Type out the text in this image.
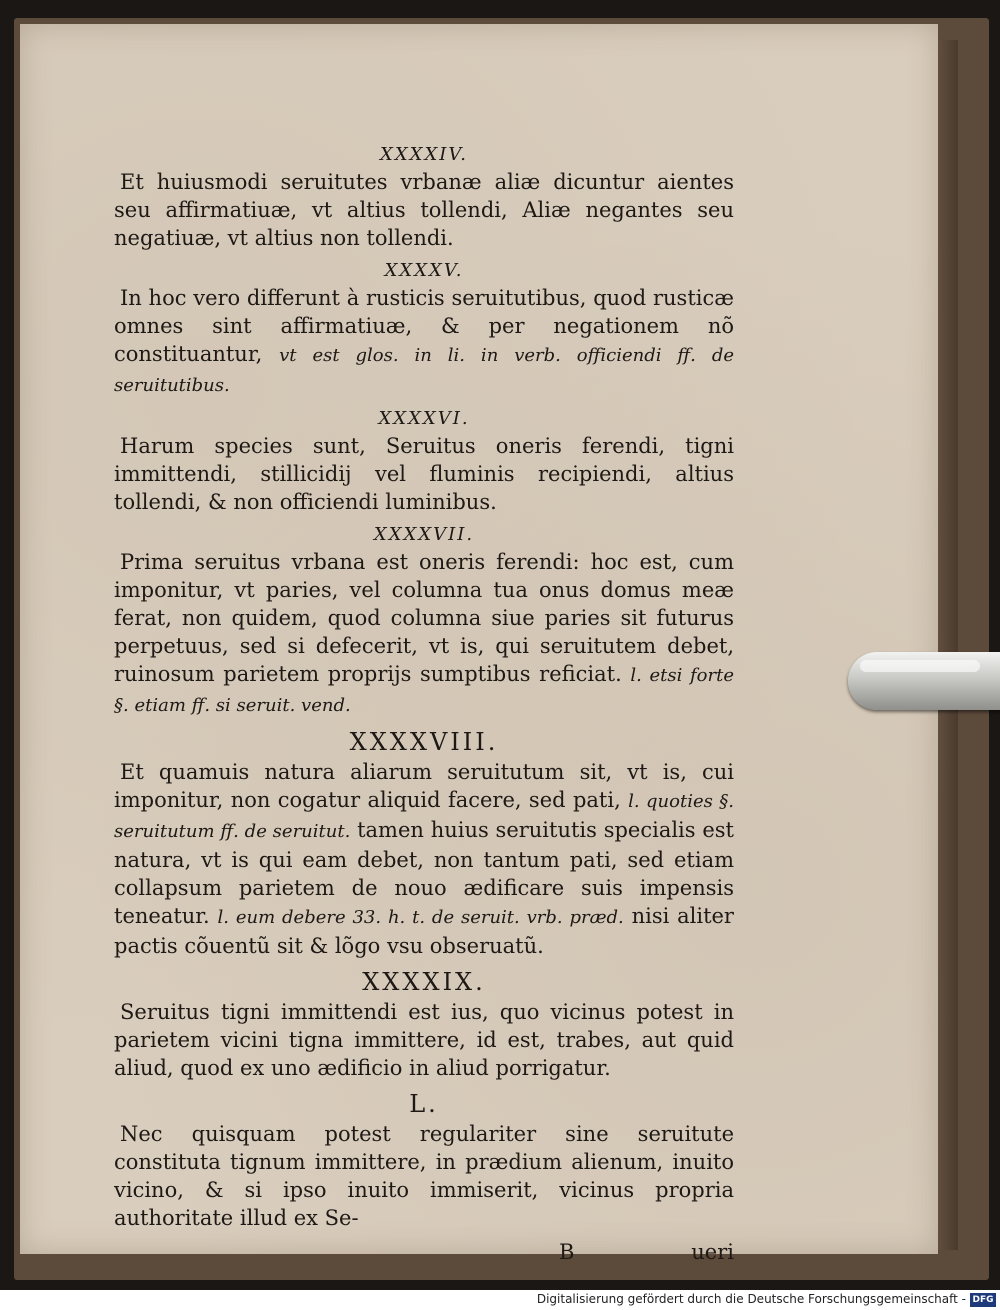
XXXXIV.

Et huiusmodi seruitutes vrbanæ aliæ dicuntur aientes seu affirmatiuæ, vt altius tollendi, Aliæ negantes seu negatiuæ, vt altius non tollendi.

XXXXV.

In hoc vero differunt à rusticis seruitutibus, quod rusticæ omnes sint affirmatiuæ, & per negationem nõ constituantur, vt est glos. in li. in verb. officiendi ff. de seruitutibus.

XXXXVI.

Harum species sunt, Seruitus oneris ferendi, tigni immittendi, stillicidij vel fluminis recipiendi, altius tollendi, & non officiendi luminibus.

XXXXVII.

Prima seruitus vrbana est oneris ferendi: hoc est, cum imponitur, vt paries, vel columna tua onus domus meæ ferat, non quidem, quod columna siue paries sit futurus perpetuus, sed si defecerit, vt is, qui seruitutem debet, ruinosum parietem proprijs sumptibus reficiat. l. etsi forte §. etiam ff. si seruit. vend.

XXXXVIII.

Et quamuis natura aliarum seruitutum sit, vt is, cui imponitur, non cogatur aliquid facere, sed pati, l. quoties §. seruitutum ff. de seruitut. tamen huius seruitutis specialis est natura, vt is qui eam debet, non tantum pati, sed etiam collapsum parietem de nouo ædificare suis impensis teneatur. l. eum debere 33. h. t. de seruit. vrb. præd. nisi aliter pactis cõuentũ sit & lõgo vsu obseruatũ.

XXXXIX.

Seruitus tigni immittendi est ius, quo vicinus potest in parietem vicini tigna immittere, id est, trabes, aut quid aliud, quod ex uno ædificio in aliud porrigatur.

L.

Nec quisquam potest regulariter sine seruitute constituta tignum immittere, in prædium alienum, inuito vicino, & si ipso inuito immiserit, vicinus propria authoritate illud ex Se-

B	ueri
Digitalisierung gefördert durch die Deutsche Forschungsgemeinschaft - DFG
